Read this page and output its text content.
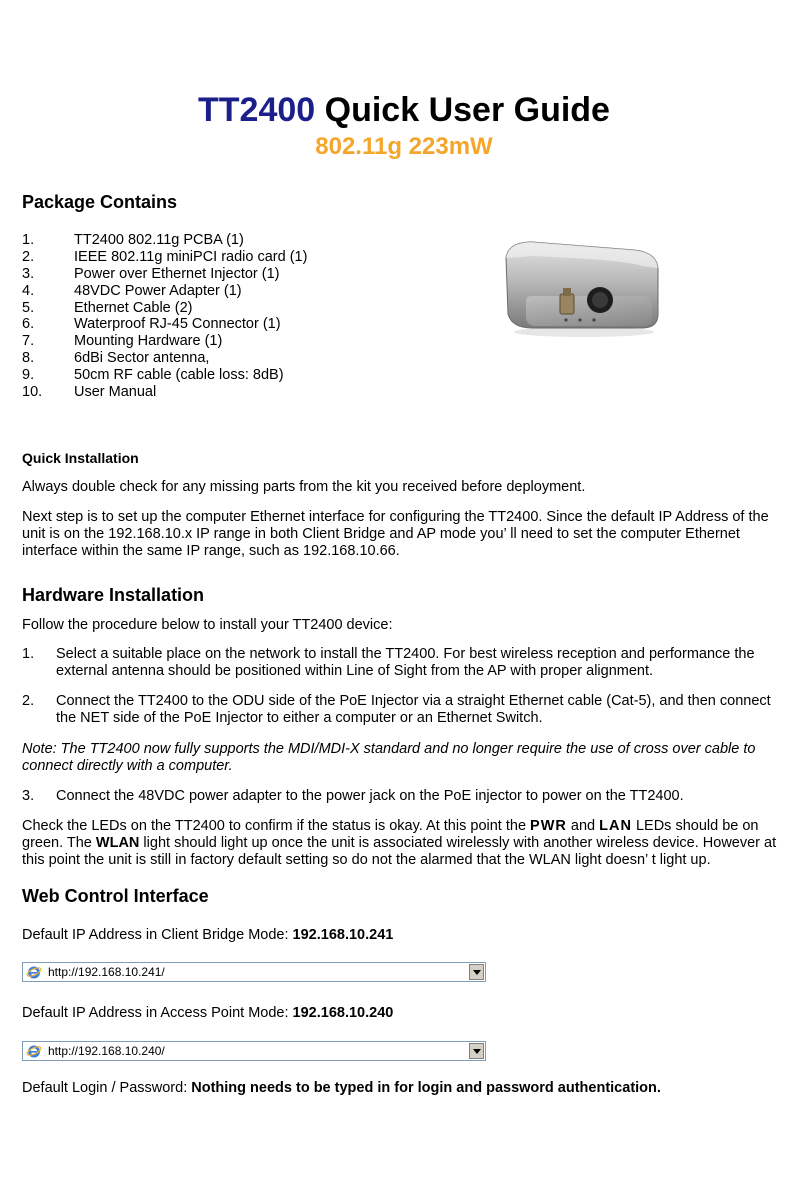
TT2400 Quick User Guide
802.11g 223mW
Package Contains
1.	TT2400 802.11g PCBA (1)
2.	IEEE 802.11g miniPCI radio card (1)
3.	Power over Ethernet Injector (1)
4.	48VDC Power Adapter (1)
5.	Ethernet Cable (2)
6.	Waterproof RJ-45 Connector (1)
7.	Mounting Hardware (1)
8.	6dBi Sector antenna,
9.	50cm RF cable (cable loss: 8dB)
10. User Manual
Quick Installation
Always double check for any missing parts from the kit you received before deployment.
Next step is to set up the computer Ethernet interface for configuring the TT2400. Since the default IP Address of the unit is on the 192.168.10.x IP range in both Client Bridge and AP mode you’ ll need to set the computer Ethernet interface within the same IP range, such as 192.168.10.66.
Hardware Installation
Follow the procedure below to install your TT2400 device:
1. Select a suitable place on the network to install the TT2400. For best wireless reception and performance the external antenna should be positioned within Line of Sight from the AP with proper alignment.
2. Connect the TT2400 to the ODU side of the PoE Injector via a straight Ethernet cable (Cat-5), and then connect the NET side of the PoE Injector to either a computer or an Ethernet Switch.
Note: The TT2400 now fully supports the MDI/MDI-X standard and no longer require the use of cross over cable to connect directly with a computer.
3. Connect the 48VDC power adapter to the power jack on the PoE injector to power on the TT2400.
Check the LEDs on the TT2400 to confirm if the status is okay. At this point the PWR and LAN LEDs should be on green. The WLAN light should light up once the unit is associated wirelessly with another wireless device. However at this point the unit is still in factory default setting so do not the alarmed that the WLAN light doesn’ t light up.
Web Control Interface
Default IP Address in Client Bridge Mode: 192.168.10.241
http://192.168.10.241/
Default IP Address in Access Point Mode: 192.168.10.240
http://192.168.10.240/
Default Login / Password: Nothing needs to be typed in for login and password authentication.
